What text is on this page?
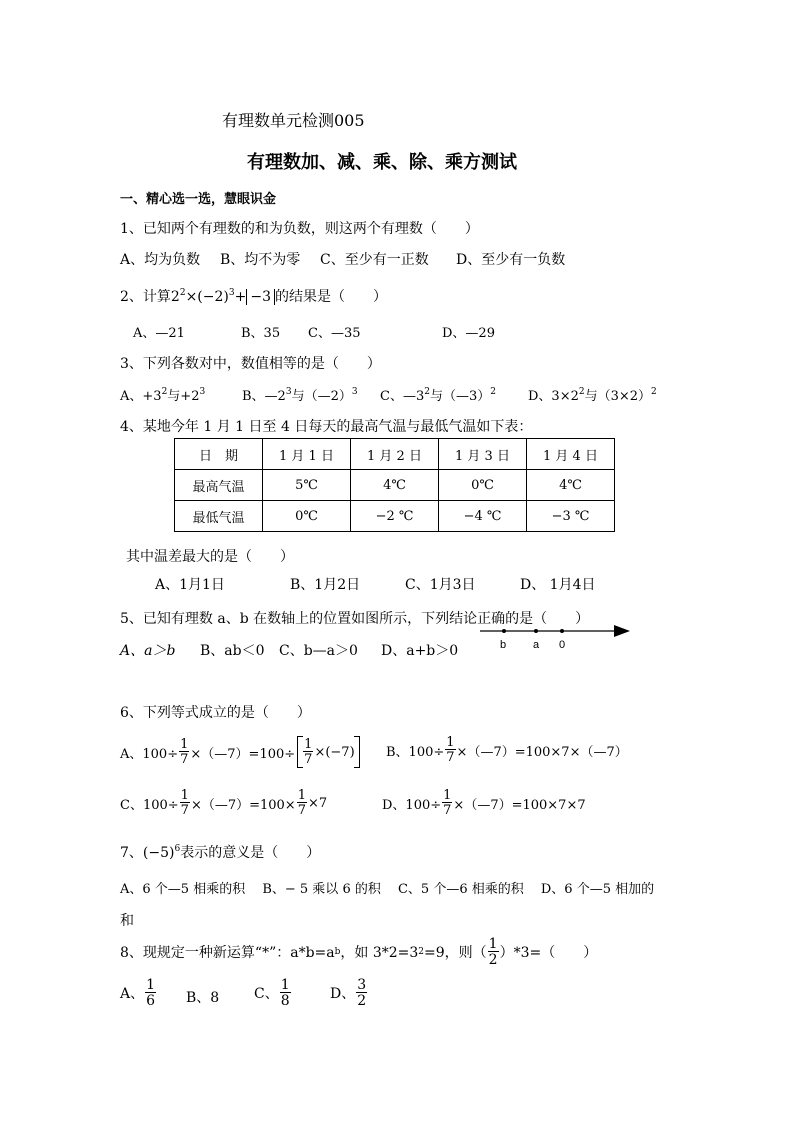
有理数单元检测005
有理数加、减、乘、除、乘方测试
一、精心选一选，慧眼识金
1、已知两个有理数的和为负数，则这两个有理数（　　）
A、均为负数 B、均不为零 C、至少有一正数 D、至少有一负数
2、计算$2^2\times(-2)^3+ -3$ 的结果是（　　）
A、—21	B、35 C、—35	D、—29
3、下列各数对中，数值相等的是（　　）
A、$+3^2$与$+2^3$	B、$—2^3$与（—2）$^3$ C、$—3^2$与（—3）$^2$ D、$3\times 2^2$与$(3\times 2)^2$
4、某地今年 1 月 1 日至 4 日每天的最高气温与最低气温如下表：
日　期	1 月 1 日	1 月 2 日	1 月 3 日	1 月 4 日
最高气温	5℃	4℃	0℃	4℃
最低气温	0℃	−2 ℃	−4 ℃	−3 ℃
其中温差最大的是（　　）
A、1月1日	B、1月2日	C、1月3日	D、 1月4日
5、已知有理数 a、b 在数轴上的位置如图所示，下列结论正确的是（　　）
A、a＞b B、ab＜0 C、b—a＞0 D、a+b＞0	b a 0
6、下列等式成立的是（　　）
A、$100\div \frac{1}{7}$ ×（—7）=100÷ $\frac{1}{7} \times(-7)$ B、$100\div \frac{1}{7}$ ×（—7）=100×7×（—7）
C、$100\div \frac{1}{7}$ ×（—7）=100× $\frac{1}{7} \times 7$	D、$100\div \frac{1}{7}$ ×（—7）=100×7×7
7、$(-5)^6$表示的意义是（　　）
A、6 个—5 相乘的积　 B、− 5 乘以 6 的积　 C、5 个—6 相乘的积　 D、6 个—5 相加的
和
8、现规定一种新运算“*”：a*b=a b ，如 3*2=3 2 =9，则（ $\frac{1}{2} )*3=$（　　）
A、 $\frac{1}{6}$ B、8 C、 $\frac{1}{8}$	D、 $\frac{3}{2}$
